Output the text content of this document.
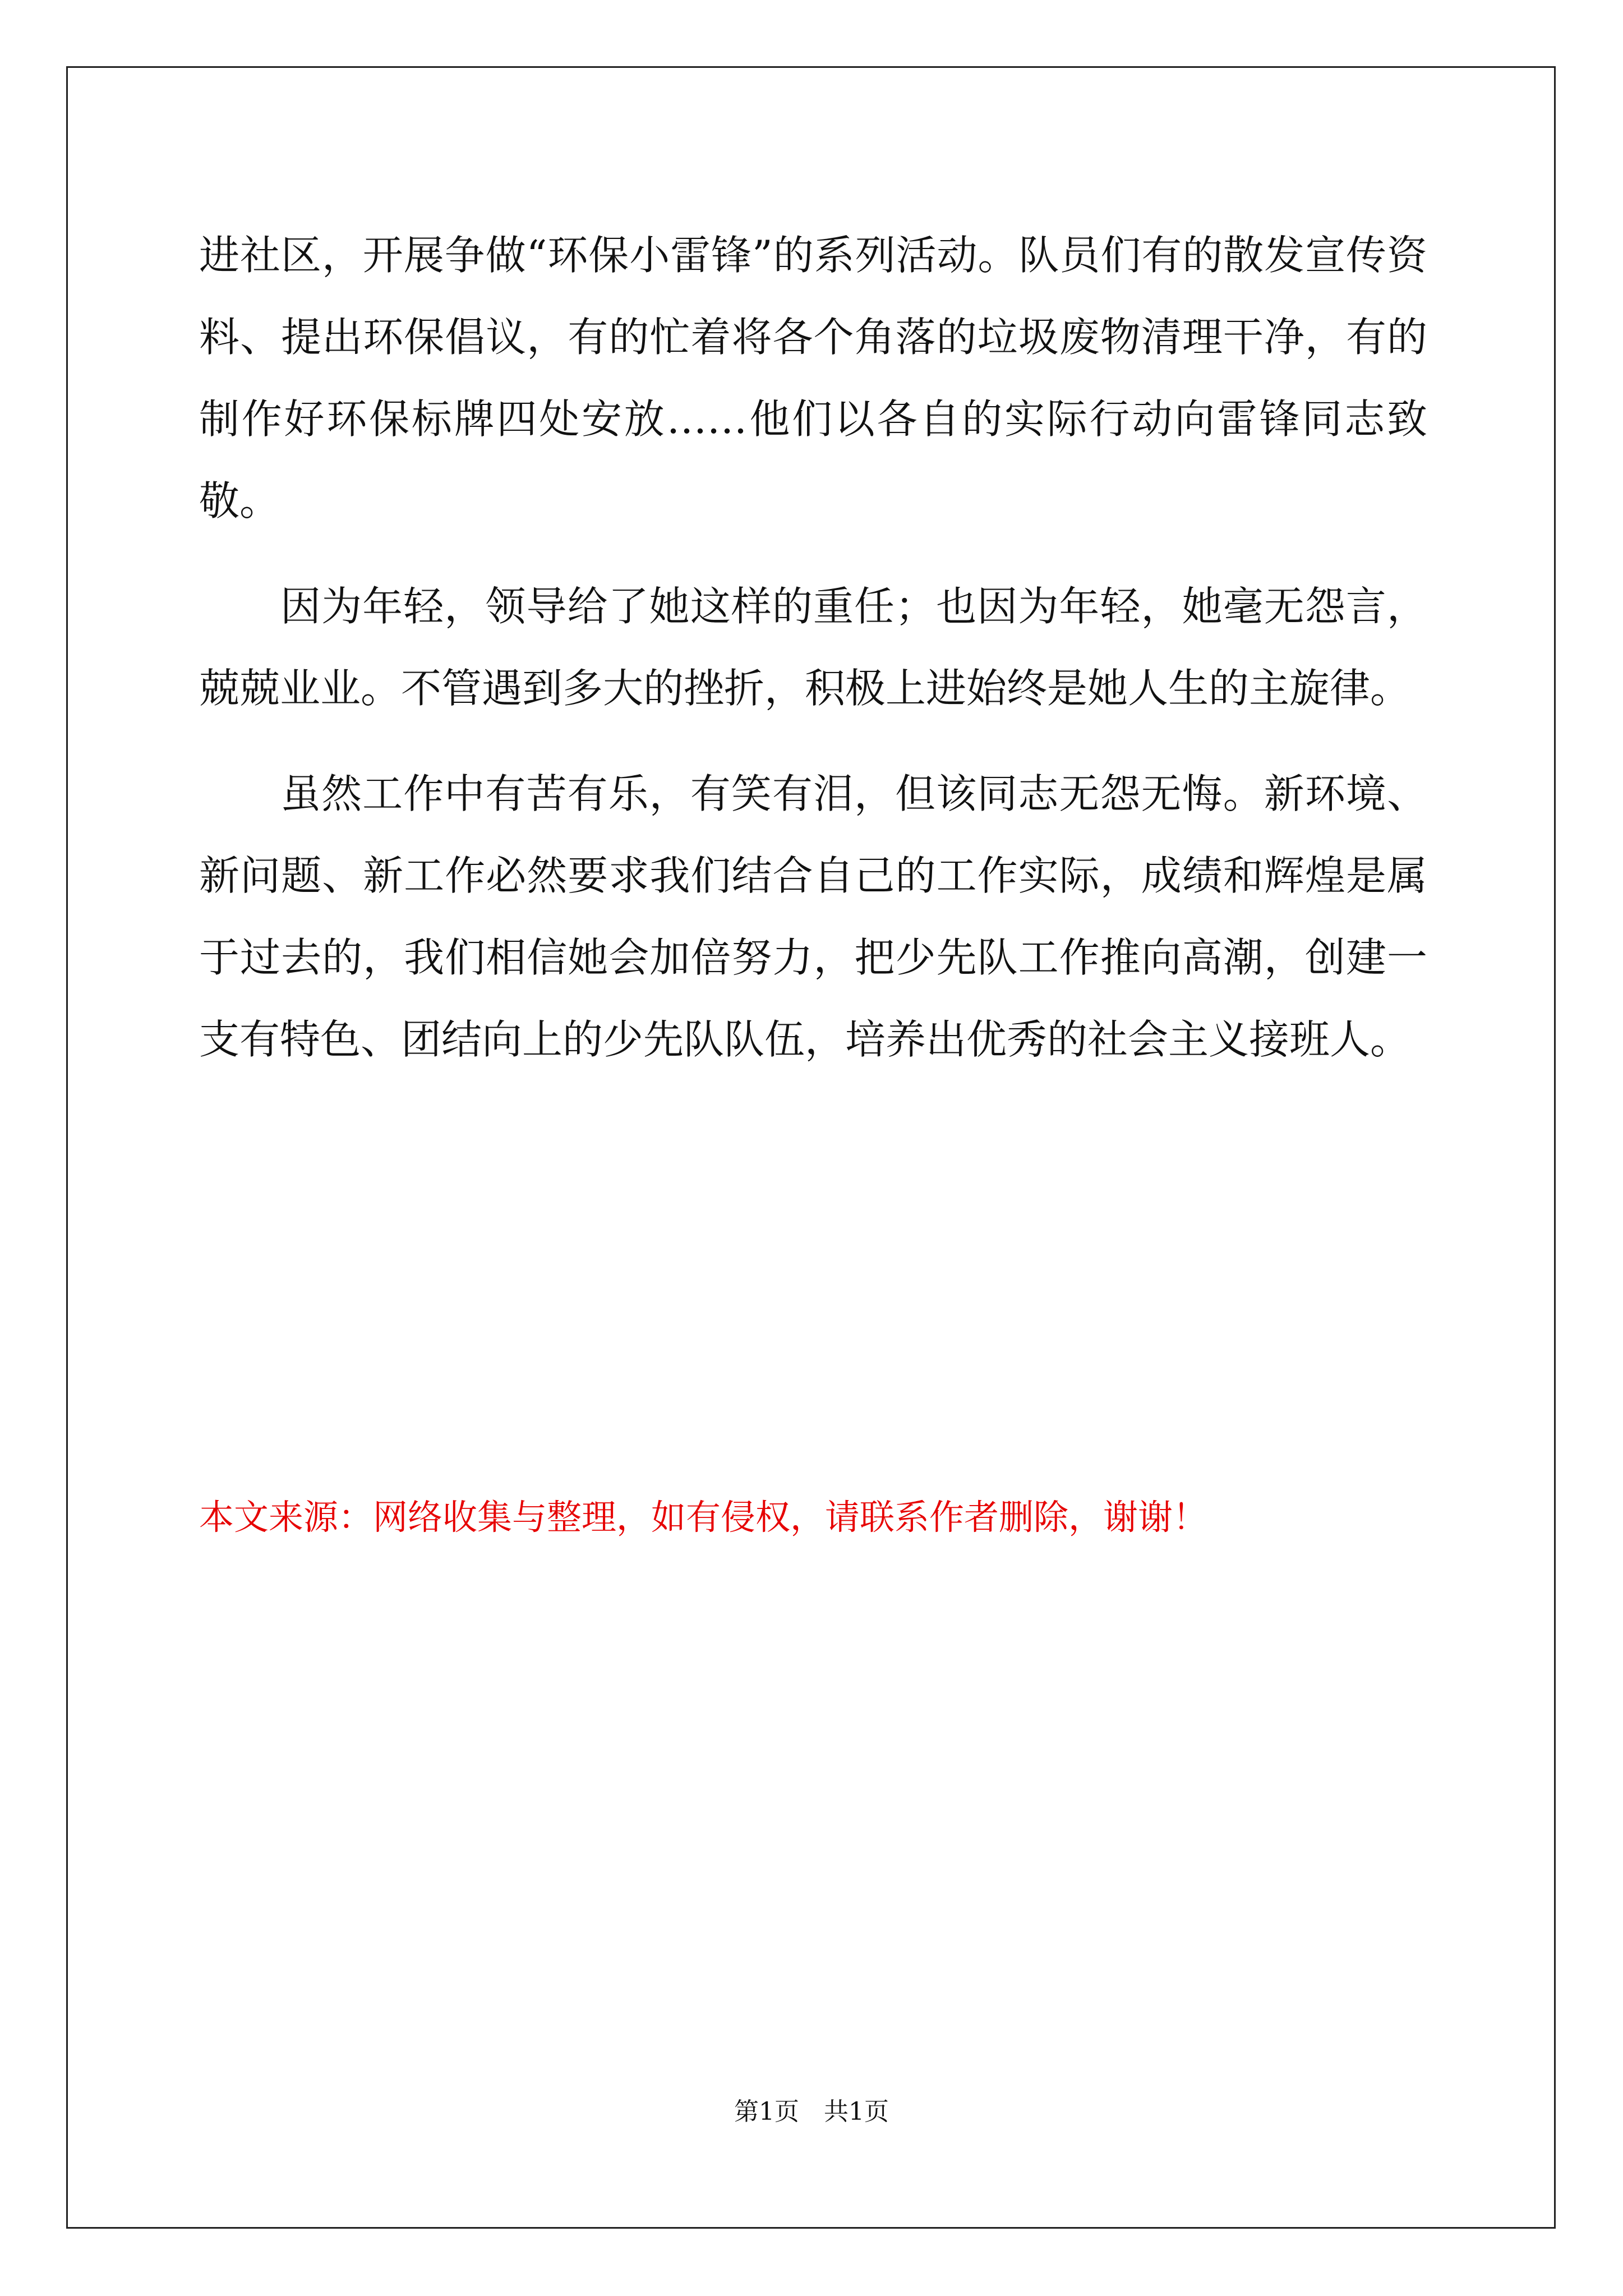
进社区，开展争做“环保小雷锋”的系列活动。队员们有的散发宣传资料、提出环保倡议，有的忙着将各个角落的垃圾废物清理干净，有的制作好环保标牌四处安放……他们以各自的实际行动向雷锋同志致敬。

因为年轻，领导给了她这样的重任；也因为年轻，她毫无怨言，兢兢业业。不管遇到多大的挫折，积极上进始终是她人生的主旋律。

虽然工作中有苦有乐，有笑有泪，但该同志无怨无悔。新环境、新问题、新工作必然要求我们结合自己的工作实际，成绩和辉煌是属于过去的，我们相信她会加倍努力，把少先队工作推向高潮，创建一支有特色、团结向上的少先队队伍，培养出优秀的社会主义接班人。

本文来源：网络收集与整理，如有侵权，请联系作者删除，谢谢！
第1页　共1页
